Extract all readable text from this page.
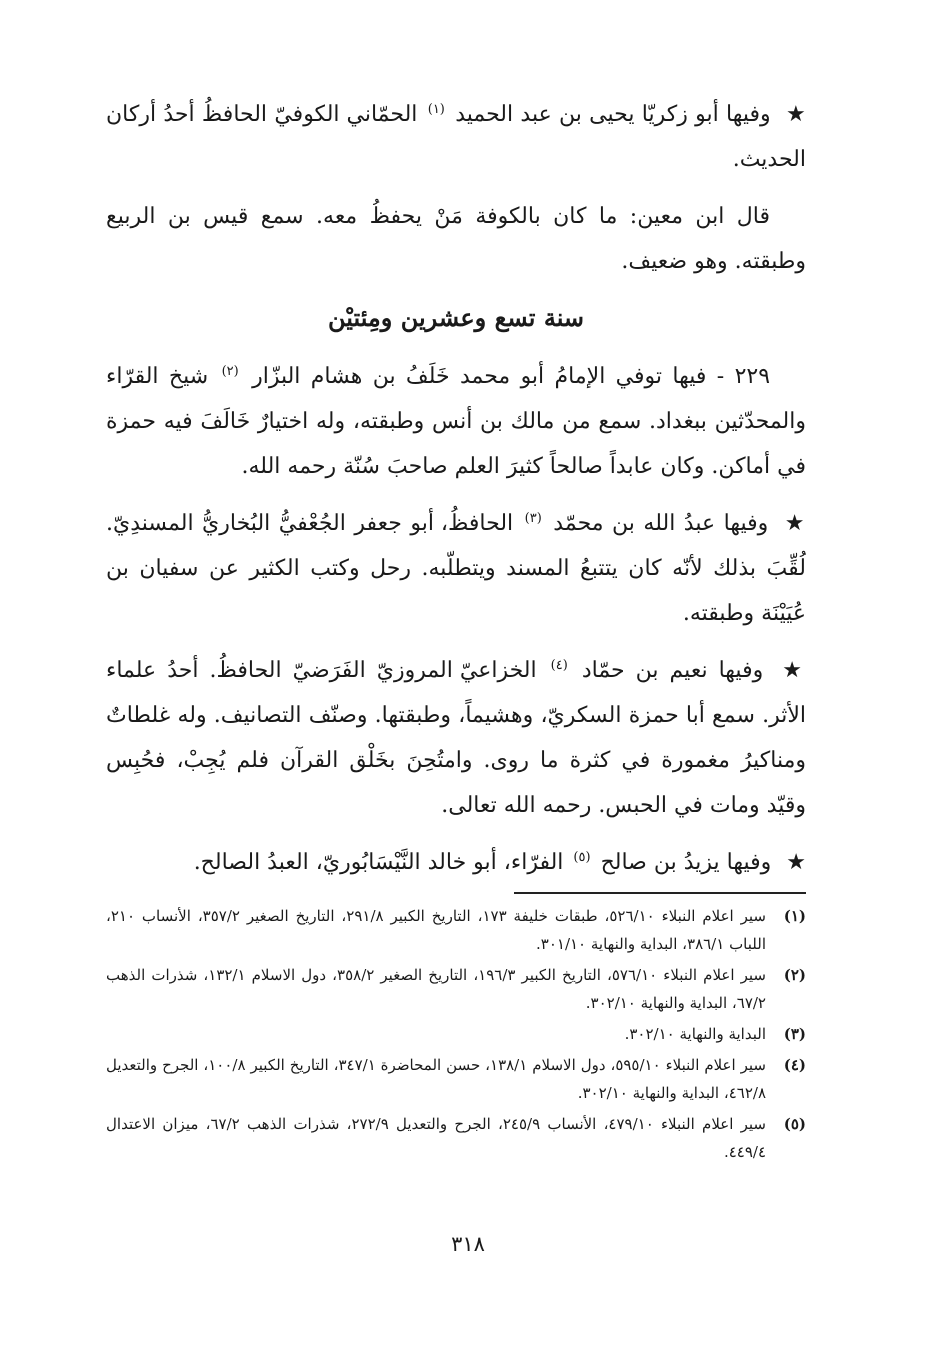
★ وفيها أبو زكريّا يحيى بن عبد الحميد $^{(١)}$ الحمّاني الكوفيّ الحافظُ أحدُ أركان الحديث.

قال ابن معين: ما كان بالكوفة مَنْ يحفظُ معه. سمع قيس بن الربيع وطبقته. وهو ضعيف.

سنة تسع وعشرين ومِئتيْن

٢٢٩ - فيها توفي الإمامُ أبو محمد خَلَفُ بن هشام البزّار $^{(٢)}$ شيخ القرّاء والمحدّثين ببغداد. سمع من مالك بن أنس وطبقته، وله اختيارٌ خَالَفَ فيه حمزة في أماكن. وكان عابداً صالحاً كثيرَ العلم صاحبَ سُنّة رحمه الله.

★ وفيها عبدُ الله بن محمّد $^{(٣)}$ الحافظُ، أبو جعفر الجُعْفيُّ البُخاريُّ المسندِيّ. لُقِّبَ بذلك لأنّه كان يتتبعُ المسند ويتطلّبه. رحل وكتب الكثير عن سفيان بن عُيَيْنَة وطبقته.

★ وفيها نعيم بن حمّاد $^{(٤)}$ الخزاعيّ المروزيّ الفَرَضيّ الحافظُ. أحدُ علماء الأثر. سمع أبا حمزة السكريّ، وهشيماً، وطبقتها. وصنّف التصانيف. وله غلطاتٌ ومناكيرُ مغمورة في كثرة ما روى. وامتُحِنَ بخَلْق القرآن فلم يُجِبْ، فحُبِس وقيّد ومات في الحبس. رحمه الله تعالى.

★ وفيها يزيدُ بن صالح $^{(٥)}$ الفرّاء، أبو خالد النَّيْسَابُوريّ، العبدُ الصالح.

(١)
سير اعلام النبلاء ٥٢٦/١٠، طبقات خليفة ١٧٣، التاريخ الكبير ٢٩١/٨، التاريخ الصغير ٣٥٧/٢، الأنساب ٢١٠، اللباب ٣٨٦/١، البداية والنهاية ٣٠١/١٠.
(٢)
سير اعلام النبلاء ٥٧٦/١٠، التاريخ الكبير ١٩٦/٣، التاريخ الصغير ٣٥٨/٢، دول الاسلام ١٣٢/١، شذرات الذهب ٦٧/٢، البداية والنهاية ٣٠٢/١٠.
(٣)
البداية والنهاية ٣٠٢/١٠.
(٤)
سير اعلام النبلاء ٥٩٥/١٠، دول الاسلام ١٣٨/١، حسن المحاضرة ٣٤٧/١، التاريخ الكبير ١٠٠/٨، الجرح والتعديل ٤٦٢/٨، البداية والنهاية ٣٠٢/١٠.
(٥)
سير اعلام النبلاء ٤٧٩/١٠، الأنساب ٢٤٥/٩، الجرح والتعديل ٢٧٢/٩، شذرات الذهب ٦٧/٢، ميزان الاعتدال ٤٤٩/٤.
٣١٨
